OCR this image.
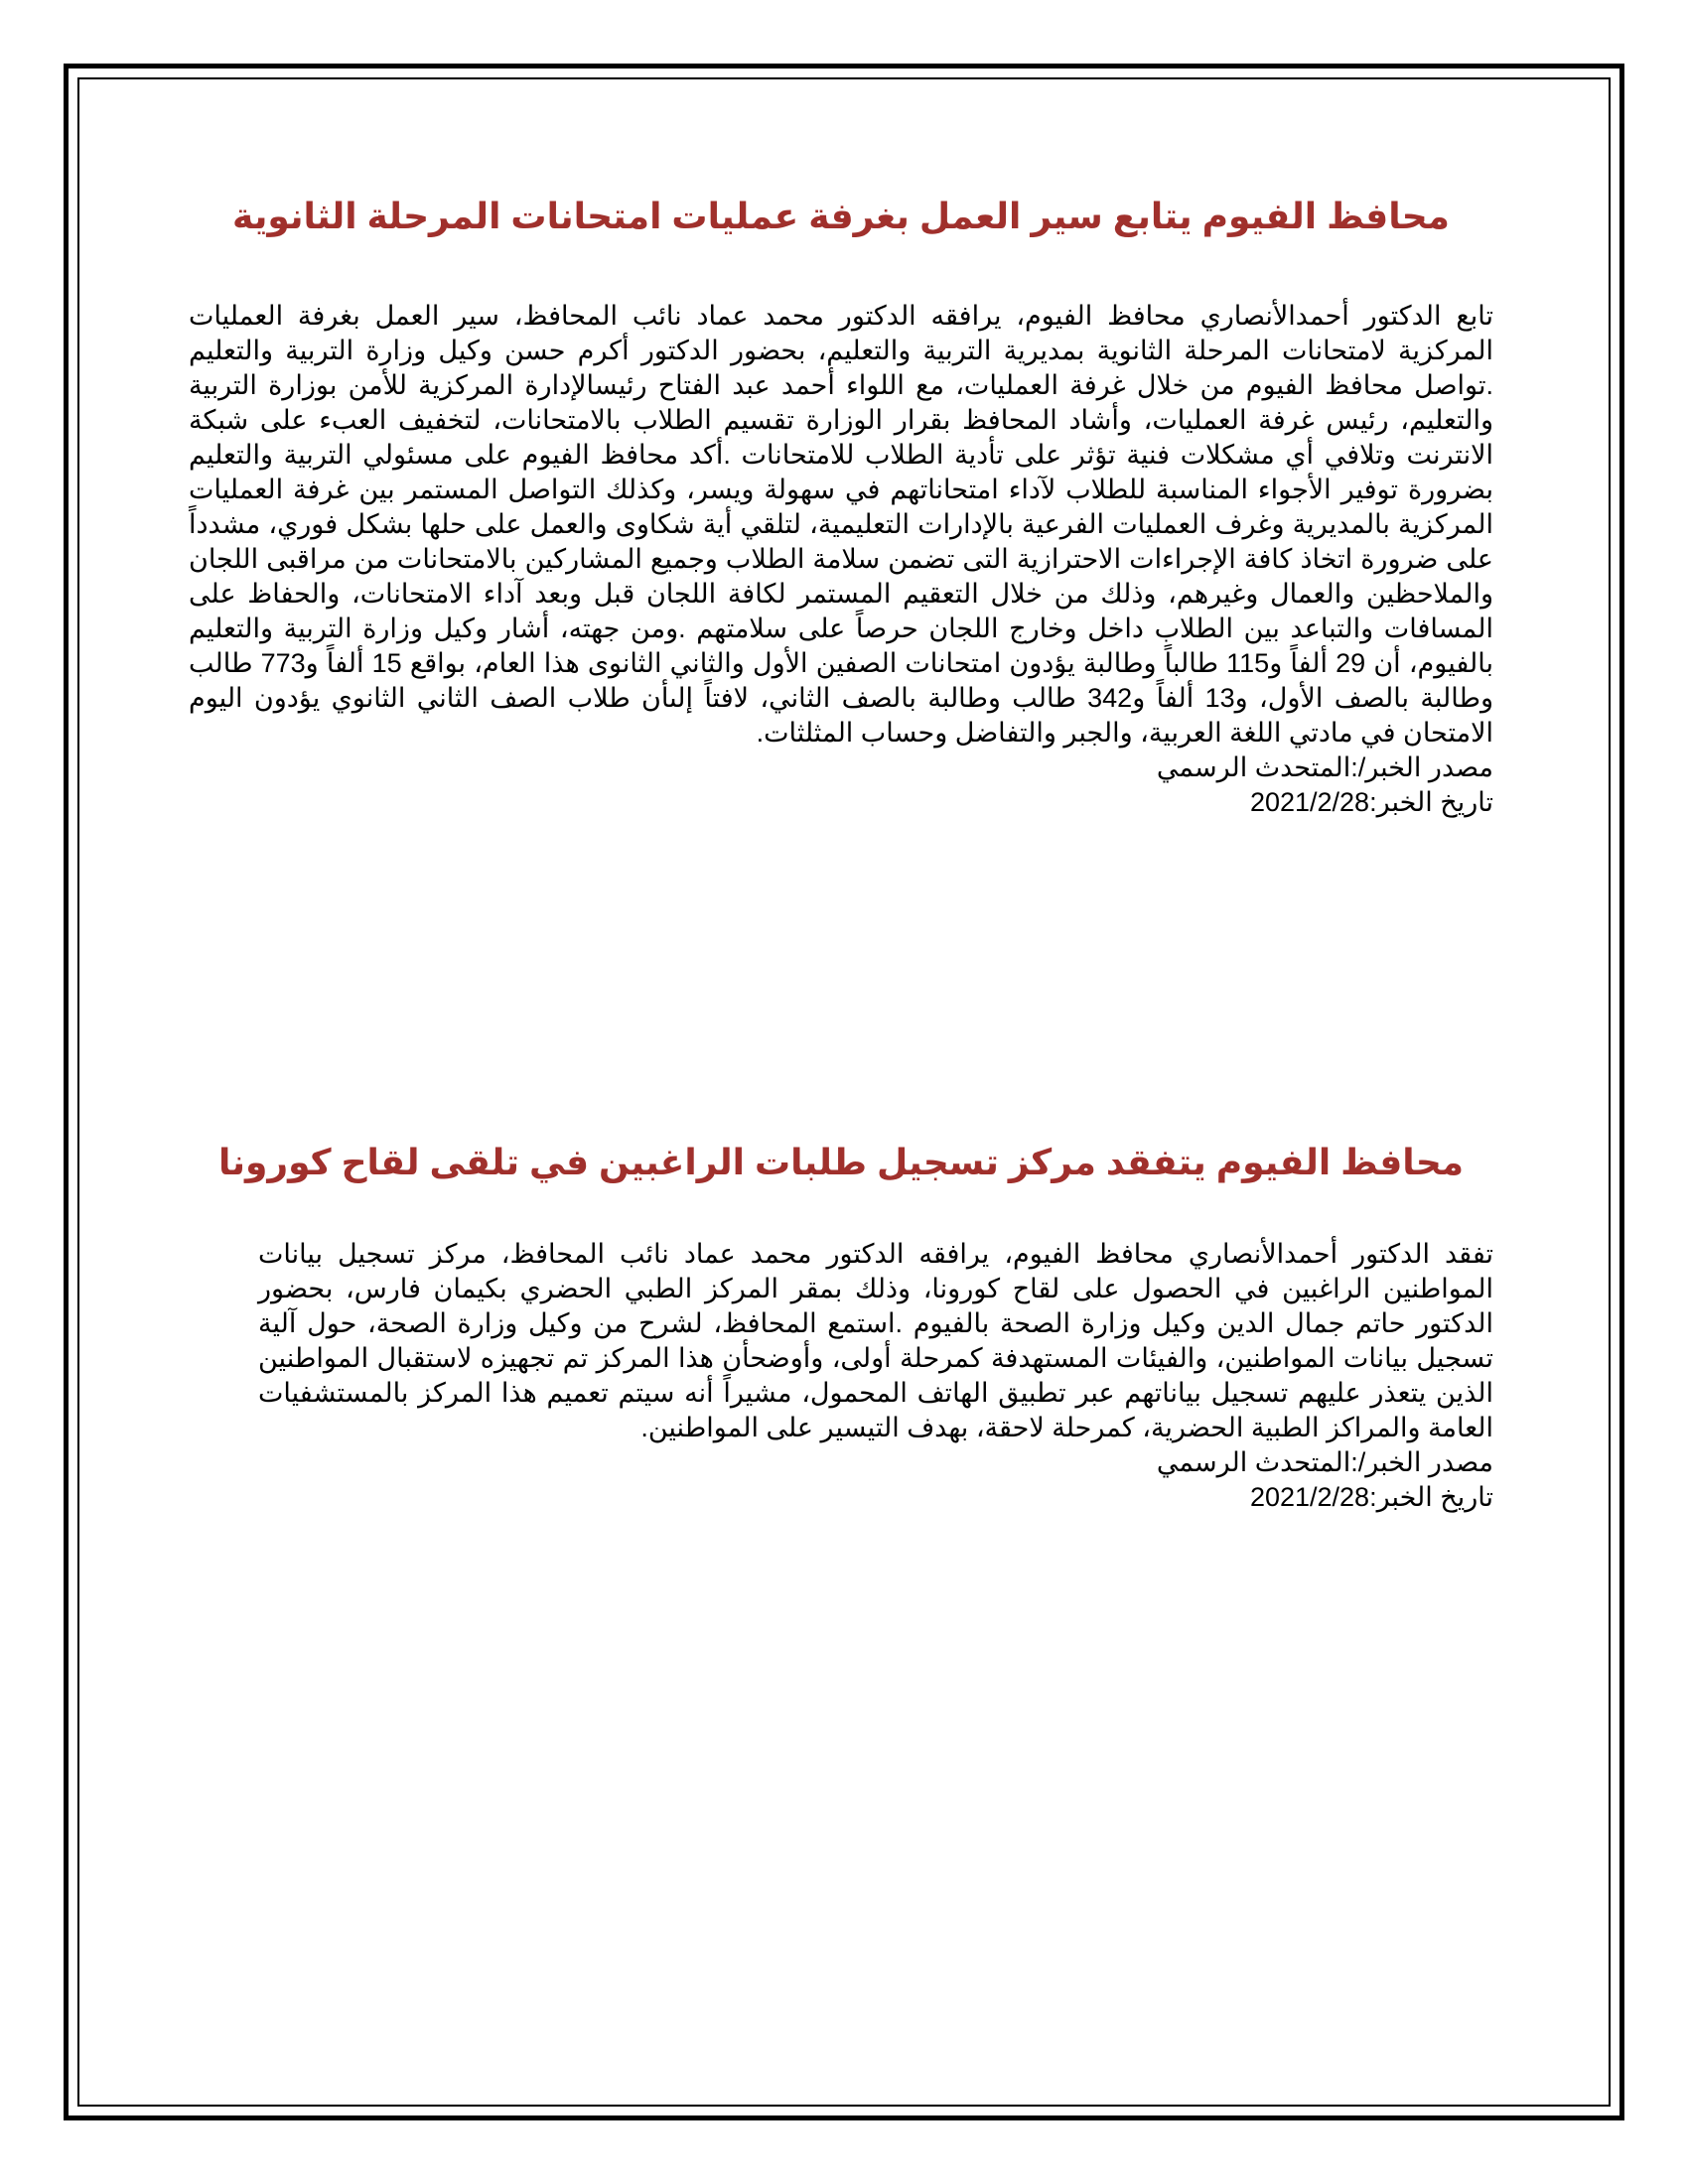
محافظ الفيوم يتابع سير العمل بغرفة عمليات امتحانات المرحلة الثانوية

تابع الدكتور أحمدالأنصاري محافظ الفيوم، يرافقه الدكتور محمد عماد نائب المحافظ، سير العمل بغرفة العمليات المركزية لامتحانات المرحلة الثانوية بمديرية التربية والتعليم، بحضور الدكتور أكرم حسن وكيل وزارة التربية والتعليم .تواصل محافظ الفيوم من خلال غرفة العمليات، مع اللواء أحمد عبد الفتاح رئيسالإدارة المركزية للأمن بوزارة التربية والتعليم، رئيس غرفة العمليات، وأشاد المحافظ بقرار الوزارة تقسيم الطلاب بالامتحانات، لتخفيف العبء على شبكة الانترنت وتلافي أي مشكلات فنية تؤثر على تأدية الطلاب للامتحانات .أكد محافظ الفيوم على مسئولي التربية والتعليم بضرورة توفير الأجواء المناسبة للطلاب لآداء امتحاناتهم في سهولة ويسر، وكذلك التواصل المستمر بين غرفة العمليات المركزية بالمديرية وغرف العمليات الفرعية بالإدارات التعليمية، لتلقي أية شكاوى والعمل على حلها بشكل فوري، مشدداً على ضرورة اتخاذ كافة الإجراءات الاحترازية التى تضمن سلامة الطلاب وجميع المشاركين بالامتحانات من مراقبى اللجان والملاحظين والعمال وغيرهم، وذلك من خلال التعقيم المستمر لكافة اللجان قبل وبعد آداء الامتحانات، والحفاظ على المسافات والتباعد بين الطلاب داخل وخارج اللجان حرصاً على سلامتهم .ومن جهته، أشار وكيل وزارة التربية والتعليم بالفيوم، أن 29 ألفاً و115 طالباً وطالبة يؤدون امتحانات الصفين الأول والثاني الثانوى هذا العام، بواقع 15 ألفاً و773 طالب وطالبة بالصف الأول، و13 ألفاً و342 طالب وطالبة بالصف الثاني، لافتاً إلىأن طلاب الصف الثاني الثانوي يؤدون اليوم الامتحان في مادتي اللغة العربية، والجبر والتفاضل وحساب المثلثات.

مصدر الخبر/:المتحدث الرسمي

تاريخ الخبر:2021/2/28

محافظ الفيوم يتفقد مركز تسجيل طلبات الراغبين في تلقى لقاح كورونا

تفقد الدكتور أحمدالأنصاري محافظ الفيوم، يرافقه الدكتور محمد عماد نائب المحافظ، مركز تسجيل بيانات المواطنين الراغبين في الحصول على لقاح كورونا، وذلك بمقر المركز الطبي الحضري بكيمان فارس، بحضور الدكتور حاتم جمال الدين وكيل وزارة الصحة بالفيوم .استمع المحافظ، لشرح من وكيل وزارة الصحة، حول آلية تسجيل بيانات المواطنين، والفيئات المستهدفة كمرحلة أولى، وأوضحأن هذا المركز تم تجهيزه لاستقبال المواطنين الذين يتعذر عليهم تسجيل بياناتهم عبر تطبيق الهاتف المحمول، مشيراً أنه سيتم تعميم هذا المركز بالمستشفيات العامة والمراكز الطبية الحضرية، كمرحلة لاحقة، بهدف التيسير على المواطنين.

مصدر الخبر/:المتحدث الرسمي

تاريخ الخبر:2021/2/28
